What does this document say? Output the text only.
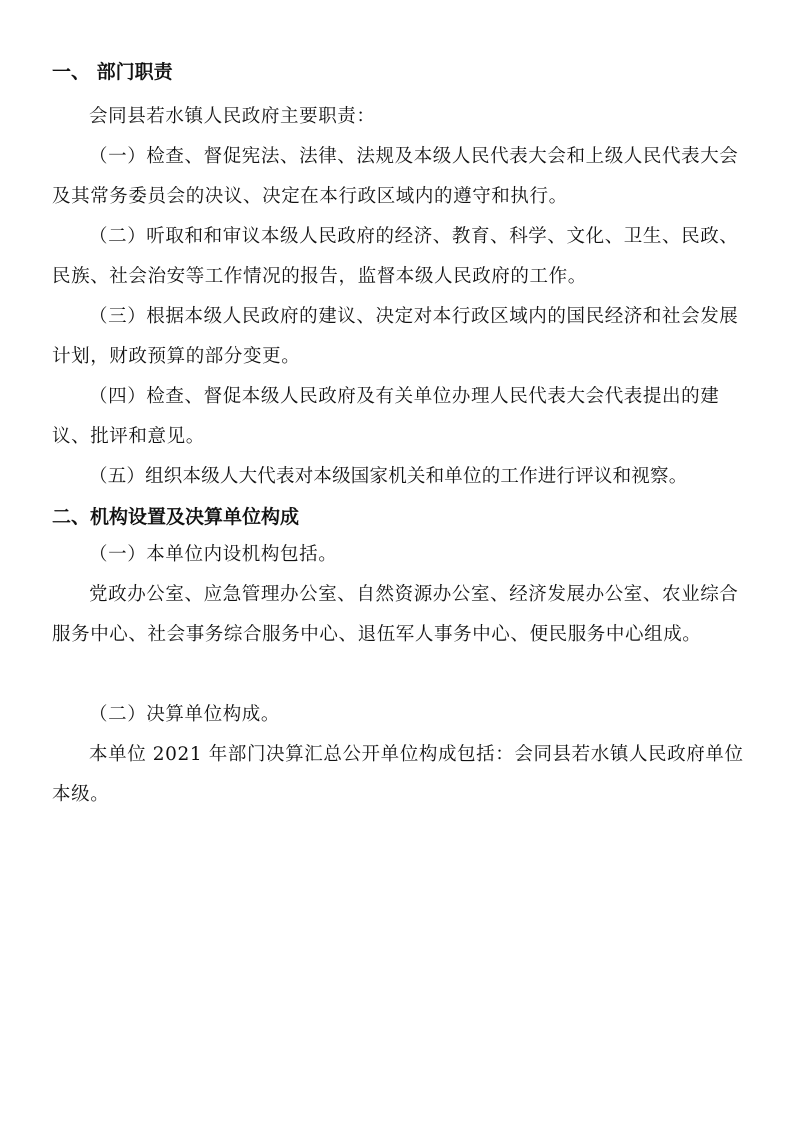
一、 部门职责

会同县若水镇人民政府主要职责：

（一）检查、督促宪法、法律、法规及本级人民代表大会和上级人民代表大会及其常务委员会的决议、决定在本行政区域内的遵守和执行。

（二）听取和和审议本级人民政府的经济、教育、科学、文化、卫生、民政、民族、社会治安等工作情况的报告，监督本级人民政府的工作。

（三）根据本级人民政府的建议、决定对本行政区域内的国民经济和社会发展计划，财政预算的部分变更。

（四）检查、督促本级人民政府及有关单位办理人民代表大会代表提出的建议、批评和意见。

（五）组织本级人大代表对本级国家机关和单位的工作进行评议和视察。

二、机构设置及决算单位构成

（一）本单位内设机构包括。

党政办公室、应急管理办公室、自然资源办公室、经济发展办公室、农业综合服务中心、社会事务综合服务中心、退伍军人事务中心、便民服务中心组成。

（二）决算单位构成。

本单位 2021 年部门决算汇总公开单位构成包括：会同县若水镇人民政府单位本级。
